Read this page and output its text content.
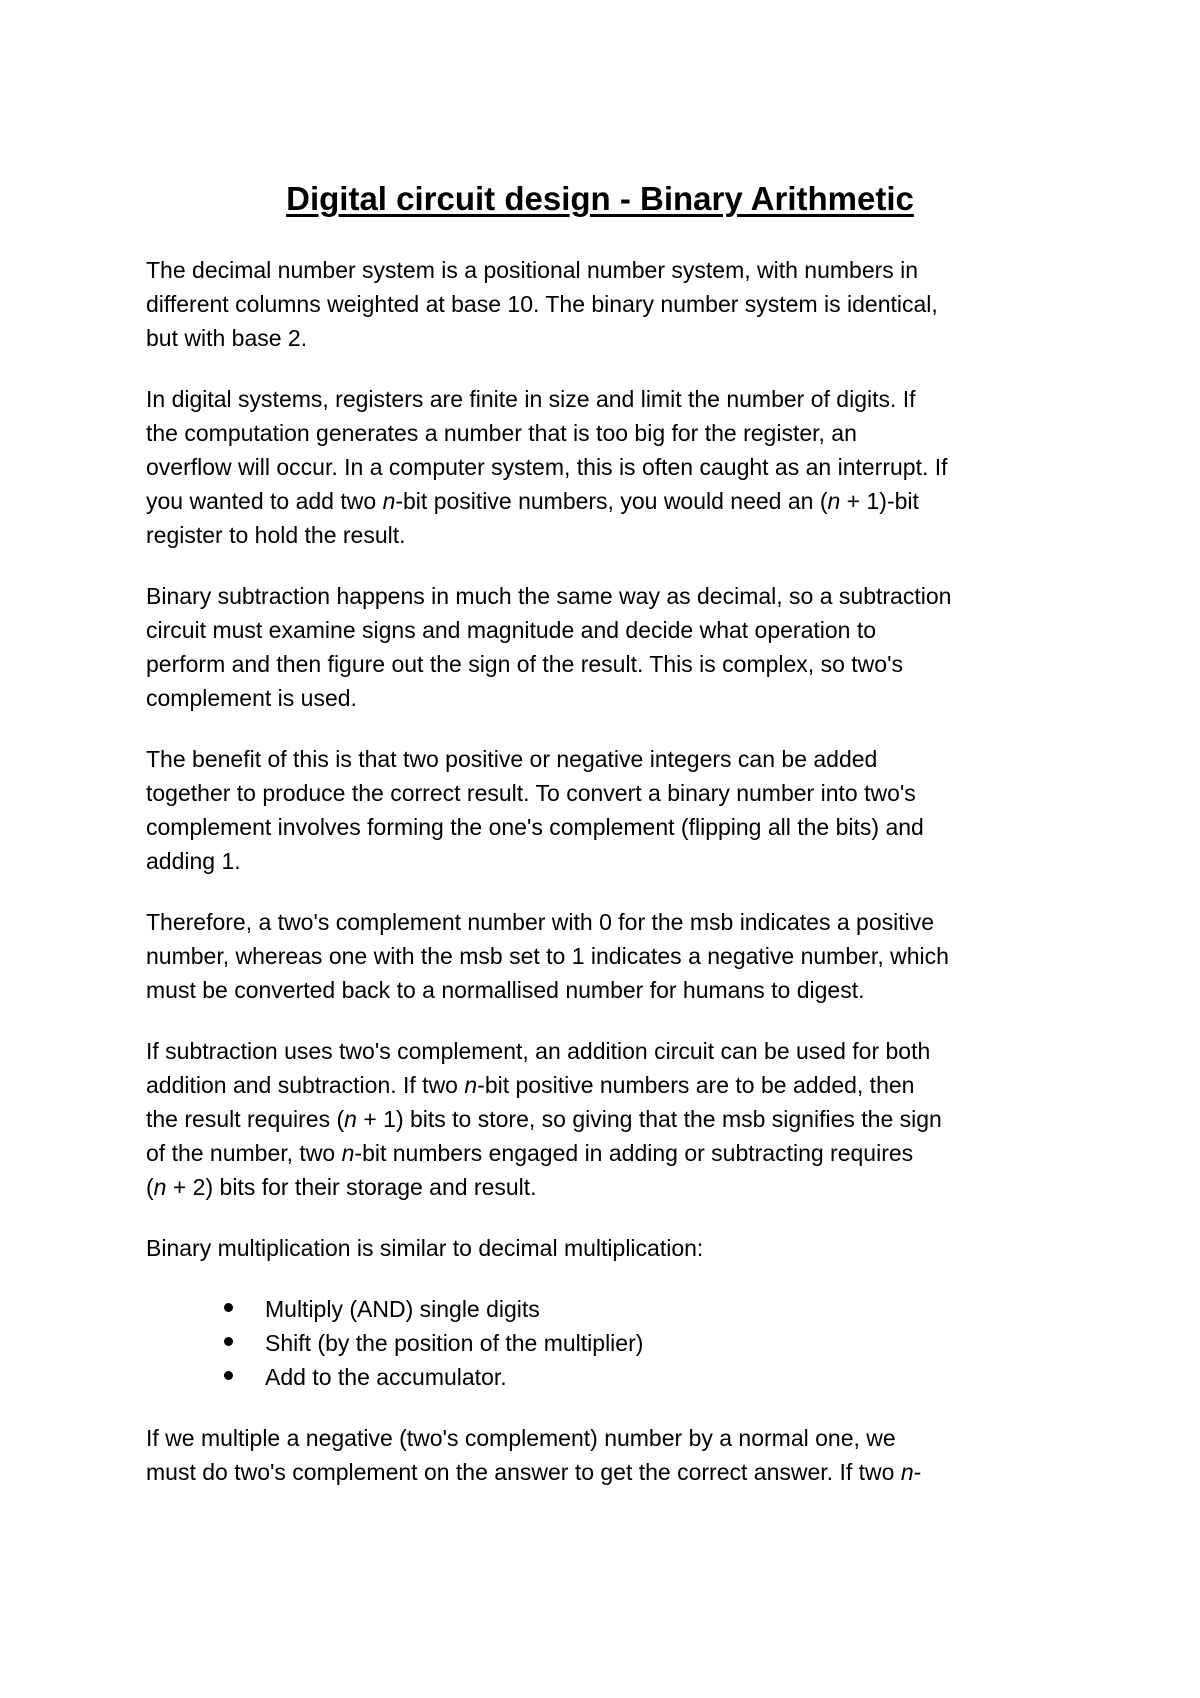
Digital circuit design - Binary Arithmetic

The decimal number system is a positional number system, with numbers in
different columns weighted at base 10. The binary number system is identical,
but with base 2.

In digital systems, registers are finite in size and limit the number of digits. If
the computation generates a number that is too big for the register, an
overflow will occur. In a computer system, this is often caught as an interrupt. If
you wanted to add two n-bit positive numbers, you would need an (n + 1)-bit
register to hold the result.

Binary subtraction happens in much the same way as decimal, so a subtraction
circuit must examine signs and magnitude and decide what operation to
perform and then figure out the sign of the result. This is complex, so two's
complement is used.

The benefit of this is that two positive or negative integers can be added
together to produce the correct result. To convert a binary number into two's
complement involves forming the one's complement (flipping all the bits) and
adding 1.

Therefore, a two's complement number with 0 for the msb indicates a positive
number, whereas one with the msb set to 1 indicates a negative number, which
must be converted back to a normallised number for humans to digest.

If subtraction uses two's complement, an addition circuit can be used for both
addition and subtraction. If two n-bit positive numbers are to be added, then
the result requires (n + 1) bits to store, so giving that the msb signifies the sign
of the number, two n-bit numbers engaged in adding or subtracting requires
(n + 2) bits for their storage and result.

Binary multiplication is similar to decimal multiplication:

Multiply (AND) single digits
Shift (by the position of the multiplier)
Add to the accumulator.

If we multiple a negative (two's complement) number by a normal one, we
must do two's complement on the answer to get the correct answer. If two n-
